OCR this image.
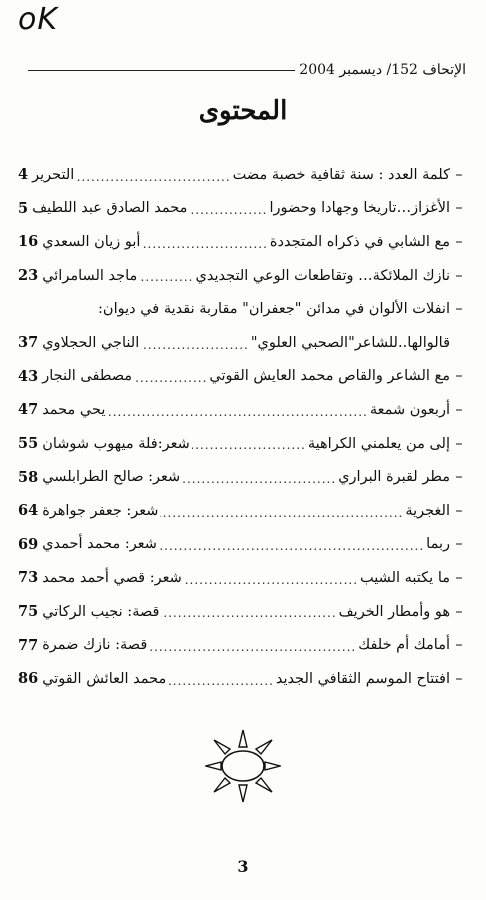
oK
الإتحاف 152/ ديسمبر 2004
المحتوى
–
كلمة العدد : سنة ثقافية خصبة مضت
.....
التحرير
4
–
الأغزاز…تاريخا وجهادا وحضورا
.....
محمد الصادق عبد اللطيف
5
–
مع الشابي في ذكراه المتجددة
.....
أبو زيان السعدي
16
–
نازك الملائكة… وتقاطعات الوعي التجديدي
.....
ماجد السامرائي
23
–
انفلات الألوان في مدائن "جعفران" مقاربة نقدية في ديوان:
قالوالها..للشاعر"الصحبي العلوي"
.....
الناجي الحجلاوي
37
–
مع الشاعر والقاص محمد العايش القوتي
.....
مصطفى النجار
43
–
أربعون شمعة
.....
يحي محمد
47
–
إلى من يعلمني الكراهية
.....
شعر:فلة ميهوب شوشان
55
–
مطر لقبرة البراري
.....
شعر: صالح الطرابلسي
58
–
الغجرية
.....
شعر: جعفر جواهرة
64
–
ربما
.....
شعر: محمد أحمدي
69
–
ما يكتبه الشيب
.....
شعر: قصي أحمد محمد
73
–
هو وأمطار الخريف
.....
قصة: نجيب الركاتي
75
–
أمامك أم خلفك
.....
قصة: نازك ضمرة
77
–
افتتاح الموسم الثقافي الجديد
.....
محمد العائش القوتي
86
3
